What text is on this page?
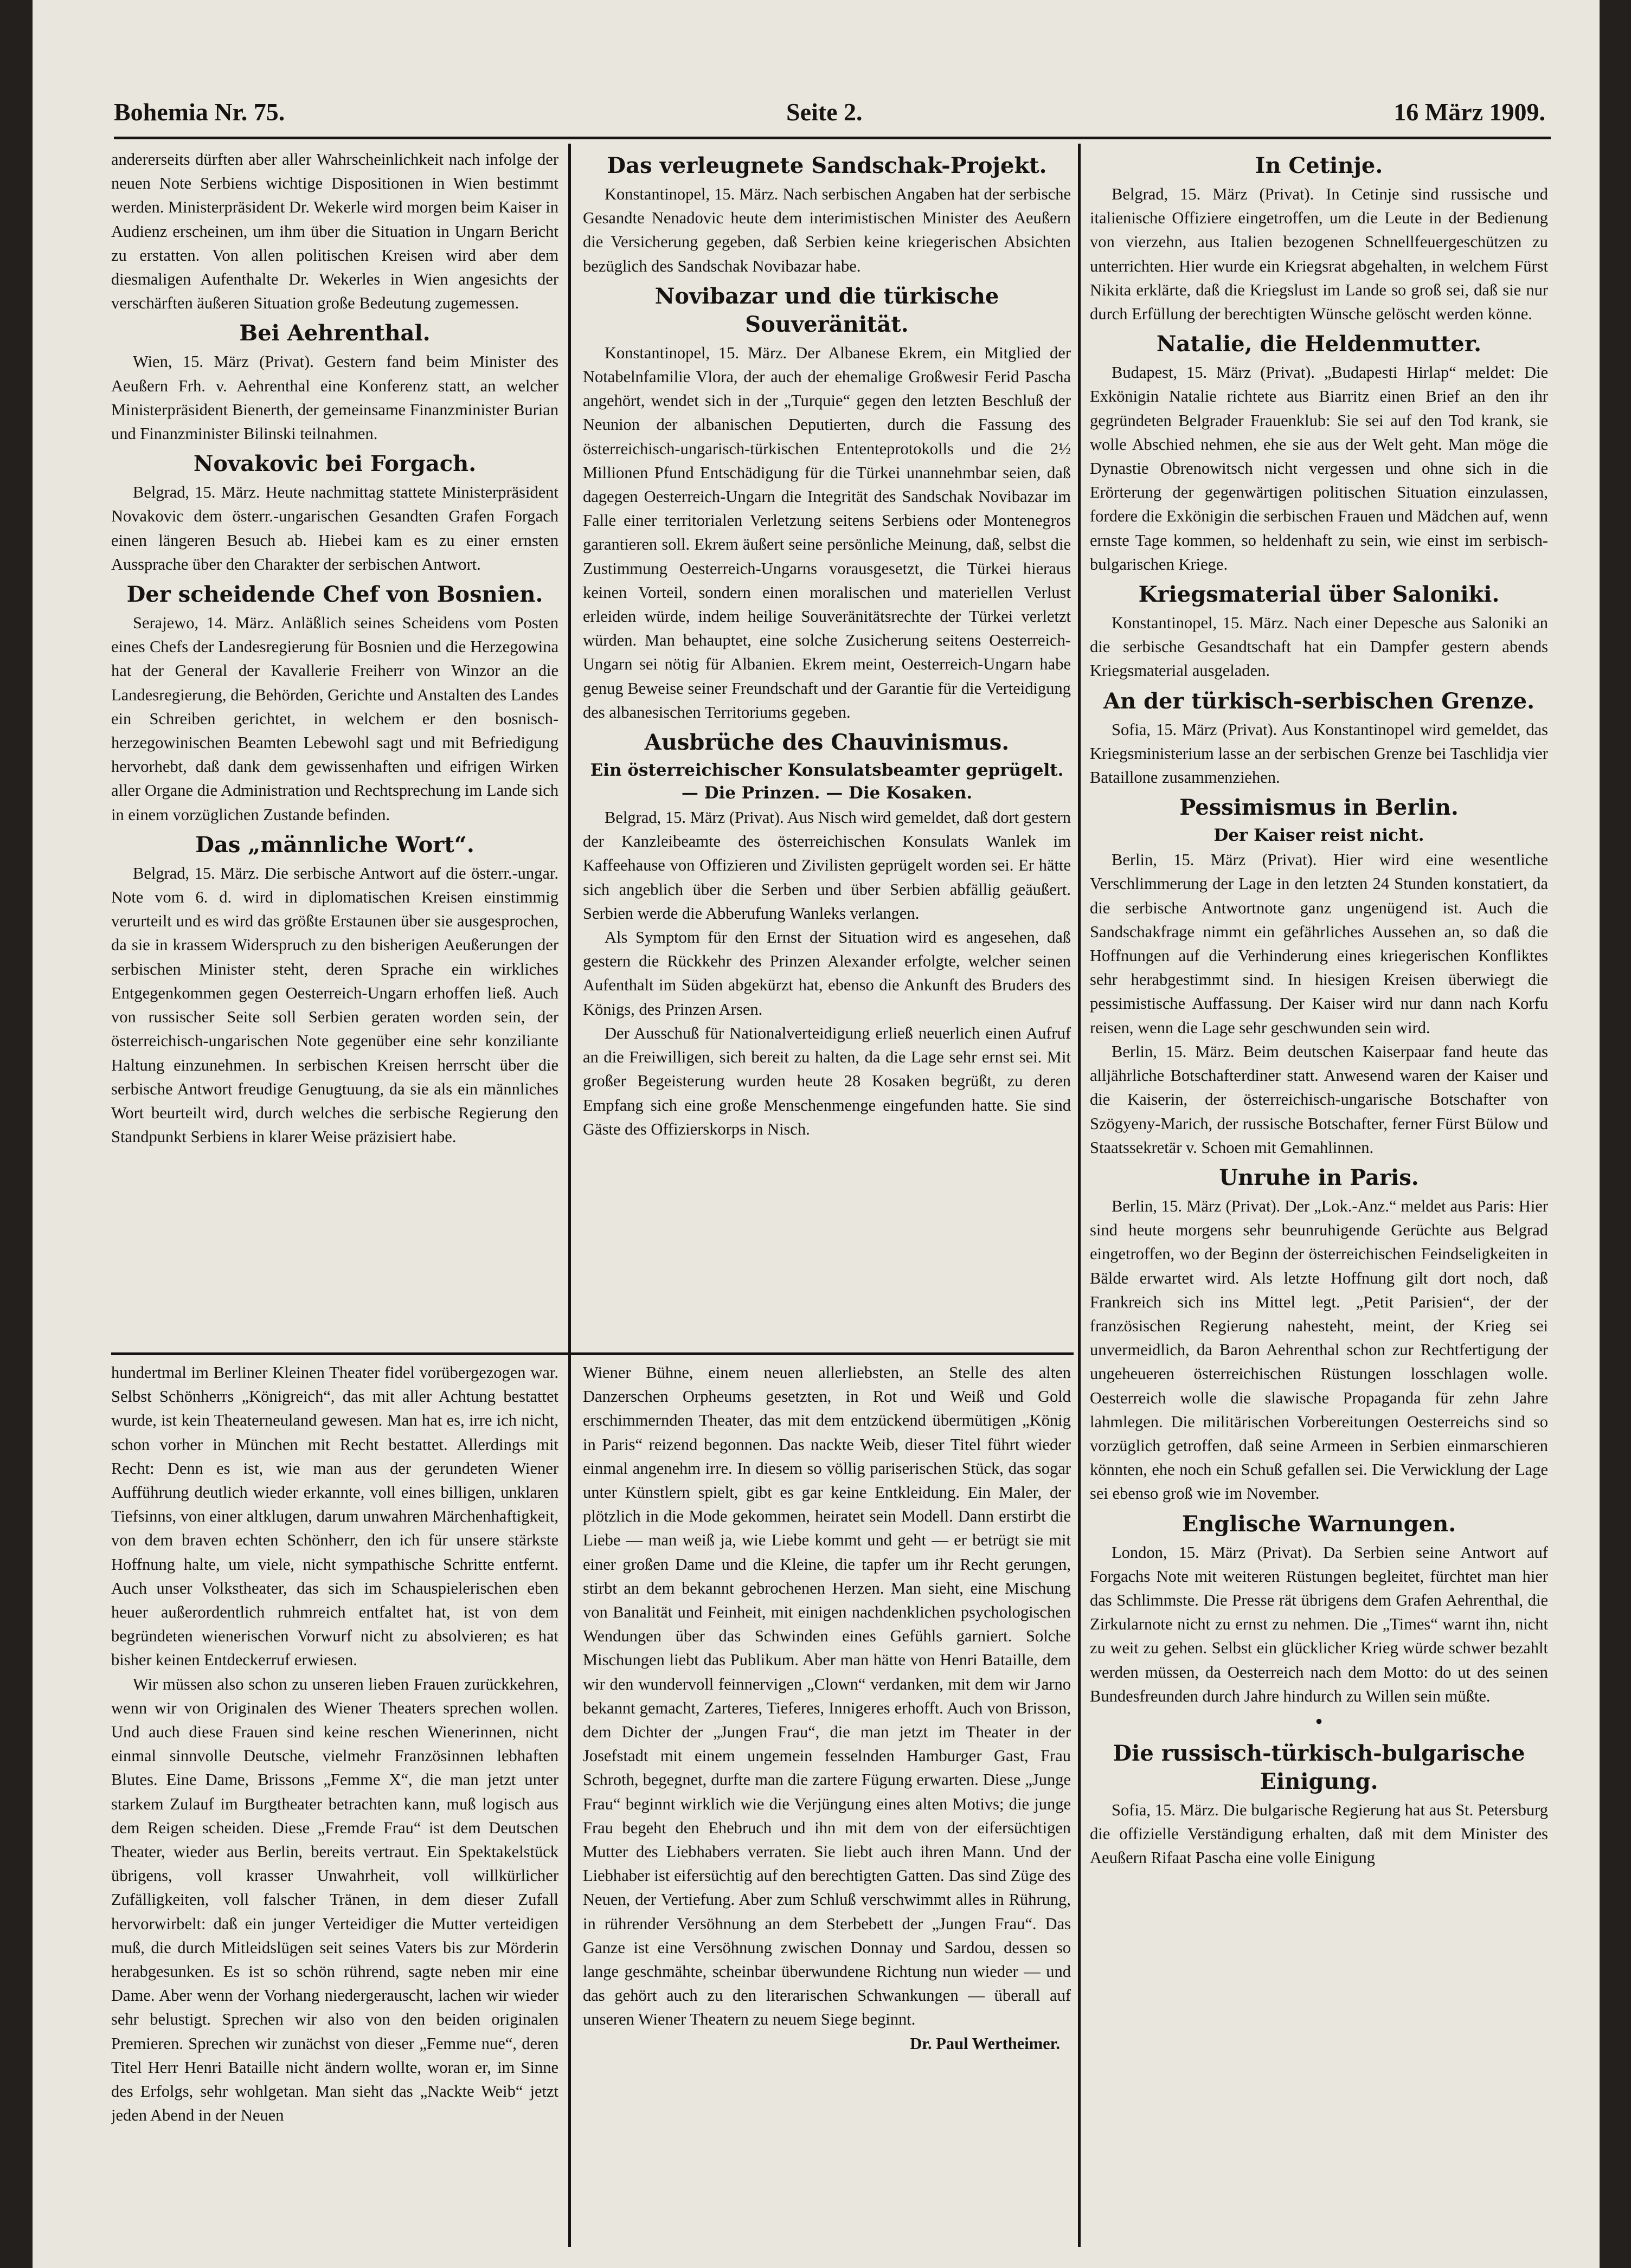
Bohemia Nr. 75.	Seite 2.	16 März 1909.

andererseits dürften aber aller Wahrscheinlichkeit nach infolge der neuen Note Serbiens wichtige Dispositionen in Wien bestimmt werden. Ministerpräsident Dr. Wekerle wird morgen beim Kaiser in Audienz erscheinen, um ihm über die Situation in Ungarn Bericht zu erstatten. Von allen politischen Kreisen wird aber dem diesmaligen Aufenthalte Dr. Wekerles in Wien angesichts der verschärften äußeren Situation große Bedeutung zugemessen.

Bei Aehrenthal.

Wien, 15. März (Privat). Gestern fand beim Minister des Aeußern Frh. v. Aehrenthal eine Konferenz statt, an welcher Ministerpräsident Bienerth, der gemeinsame Finanzminister Burian und Finanzminister Bilinski teilnahmen.

Novakovic bei Forgach.

Belgrad, 15. März. Heute nachmittag stattete Ministerpräsident Novakovic dem österr.-ungarischen Gesandten Grafen Forgach einen längeren Besuch ab. Hiebei kam es zu einer ernsten Aussprache über den Charakter der serbischen Antwort.

Der scheidende Chef von Bosnien.

Serajewo, 14. März. Anläßlich seines Scheidens vom Posten eines Chefs der Landesregierung für Bosnien und die Herzegowina hat der General der Kavallerie Freiherr von Winzor an die Landesregierung, die Behörden, Gerichte und Anstalten des Landes ein Schreiben gerichtet, in welchem er den bosnisch-herzegowinischen Beamten Lebewohl sagt und mit Befriedigung hervorhebt, daß dank dem gewissenhaften und eifrigen Wirken aller Organe die Administration und Rechtsprechung im Lande sich in einem vorzüglichen Zustande befinden.

Das „männliche Wort“.

Belgrad, 15. März. Die serbische Antwort auf die österr.-ungar. Note vom 6. d. wird in diplomatischen Kreisen einstimmig verurteilt und es wird das größte Erstaunen über sie ausgesprochen, da sie in krassem Widerspruch zu den bisherigen Aeußerungen der serbischen Minister steht, deren Sprache ein wirkliches Entgegenkommen gegen Oesterreich-Ungarn erhoffen ließ. Auch von russischer Seite soll Serbien geraten worden sein, der österreichisch-ungarischen Note gegenüber eine sehr konziliante Haltung einzunehmen. In serbischen Kreisen herrscht über die serbische Antwort freudige Genugtuung, da sie als ein männliches Wort beurteilt wird, durch welches die serbische Regierung den Standpunkt Serbiens in klarer Weise präzisiert habe.

Das verleugnete Sandschak-Projekt.

Konstantinopel, 15. März. Nach serbischen Angaben hat der serbische Gesandte Nenadovic heute dem interimistischen Minister des Aeußern die Versicherung gegeben, daß Serbien keine kriegerischen Absichten bezüglich des Sandschak Novibazar habe.

Novibazar und die türkische Souveränität.

Konstantinopel, 15. März. Der Albanese Ekrem, ein Mitglied der Notabelnfamilie Vlora, der auch der ehemalige Großwesir Ferid Pascha angehört, wendet sich in der „Turquie“ gegen den letzten Beschluß der Neunion der albanischen Deputierten, durch die Fassung des österreichisch-ungarisch-türkischen Ententeprotokolls und die 2½ Millionen Pfund Entschädigung für die Türkei unannehmbar seien, daß dagegen Oesterreich-Ungarn die Integrität des Sandschak Novibazar im Falle einer territorialen Verletzung seitens Serbiens oder Montenegros garantieren soll. Ekrem äußert seine persönliche Meinung, daß, selbst die Zustimmung Oesterreich-Ungarns vorausgesetzt, die Türkei hieraus keinen Vorteil, sondern einen moralischen und materiellen Verlust erleiden würde, indem heilige Souveränitätsrechte der Türkei verletzt würden. Man behauptet, eine solche Zusicherung seitens Oesterreich-Ungarn sei nötig für Albanien. Ekrem meint, Oesterreich-Ungarn habe genug Beweise seiner Freundschaft und der Garantie für die Verteidigung des albanesischen Territoriums gegeben.

Ausbrüche des Chauvinismus.
Ein österreichischer Konsulatsbeamter geprügelt. — Die Prinzen. — Die Kosaken.

Belgrad, 15. März (Privat). Aus Nisch wird gemeldet, daß dort gestern der Kanzleibeamte des österreichischen Konsulats Wanlek im Kaffeehause von Offizieren und Zivilisten geprügelt worden sei. Er hätte sich angeblich über die Serben und über Serbien abfällig geäußert. Serbien werde die Abberufung Wanleks verlangen.

Als Symptom für den Ernst der Situation wird es angesehen, daß gestern die Rückkehr des Prinzen Alexander erfolgte, welcher seinen Aufenthalt im Süden abgekürzt hat, ebenso die Ankunft des Bruders des Königs, des Prinzen Arsen.

Der Ausschuß für Nationalverteidigung erließ neuerlich einen Aufruf an die Freiwilligen, sich bereit zu halten, da die Lage sehr ernst sei. Mit großer Begeisterung wurden heute 28 Kosaken begrüßt, zu deren Empfang sich eine große Menschenmenge eingefunden hatte. Sie sind Gäste des Offizierskorps in Nisch.

In Cetinje.

Belgrad, 15. März (Privat). In Cetinje sind russische und italienische Offiziere eingetroffen, um die Leute in der Bedienung von vierzehn, aus Italien bezogenen Schnellfeuergeschützen zu unterrichten. Hier wurde ein Kriegsrat abgehalten, in welchem Fürst Nikita erklärte, daß die Kriegslust im Lande so groß sei, daß sie nur durch Erfüllung der berechtigten Wünsche gelöscht werden könne.

Natalie, die Heldenmutter.

Budapest, 15. März (Privat). „Budapesti Hirlap“ meldet: Die Exkönigin Natalie richtete aus Biarritz einen Brief an den ihr gegründeten Belgrader Frauenklub: Sie sei auf den Tod krank, sie wolle Abschied nehmen, ehe sie aus der Welt geht. Man möge die Dynastie Obrenowitsch nicht vergessen und ohne sich in die Erörterung der gegenwärtigen politischen Situation einzulassen, fordere die Exkönigin die serbischen Frauen und Mädchen auf, wenn ernste Tage kommen, so heldenhaft zu sein, wie einst im serbisch-bulgarischen Kriege.

Kriegsmaterial über Saloniki.

Konstantinopel, 15. März. Nach einer Depesche aus Saloniki an die serbische Gesandtschaft hat ein Dampfer gestern abends Kriegsmaterial ausgeladen.

An der türkisch-serbischen Grenze.

Sofia, 15. März (Privat). Aus Konstantinopel wird gemeldet, das Kriegsministerium lasse an der serbischen Grenze bei Taschlidja vier Bataillone zusammenziehen.

Pessimismus in Berlin.
Der Kaiser reist nicht.

Berlin, 15. März (Privat). Hier wird eine wesentliche Verschlimmerung der Lage in den letzten 24 Stunden konstatiert, da die serbische Antwortnote ganz ungenügend ist. Auch die Sandschakfrage nimmt ein gefährliches Aussehen an, so daß die Hoffnungen auf die Verhinderung eines kriegerischen Konfliktes sehr herabgestimmt sind. In hiesigen Kreisen überwiegt die pessimistische Auffassung. Der Kaiser wird nur dann nach Korfu reisen, wenn die Lage sehr geschwunden sein wird.

Berlin, 15. März. Beim deutschen Kaiserpaar fand heute das alljährliche Botschafterdiner statt. Anwesend waren der Kaiser und die Kaiserin, der österreichisch-ungarische Botschafter von Szögyeny-Marich, der russische Botschafter, ferner Fürst Bülow und Staatssekretär v. Schoen mit Gemahlinnen.

Unruhe in Paris.

Berlin, 15. März (Privat). Der „Lok.-Anz.“ meldet aus Paris: Hier sind heute morgens sehr beunruhigende Gerüchte aus Belgrad eingetroffen, wo der Beginn der österreichischen Feindseligkeiten in Bälde erwartet wird. Als letzte Hoffnung gilt dort noch, daß Frankreich sich ins Mittel legt. „Petit Parisien“, der der französischen Regierung nahesteht, meint, der Krieg sei unvermeidlich, da Baron Aehrenthal schon zur Rechtfertigung der ungeheueren österreichischen Rüstungen losschlagen wolle. Oesterreich wolle die slawische Propaganda für zehn Jahre lahmlegen. Die militärischen Vorbereitungen Oesterreichs sind so vorzüglich getroffen, daß seine Armeen in Serbien einmarschieren könnten, ehe noch ein Schuß gefallen sei. Die Verwicklung der Lage sei ebenso groß wie im November.

Englische Warnungen.

London, 15. März (Privat). Da Serbien seine Antwort auf Forgachs Note mit weiteren Rüstungen begleitet, fürchtet man hier das Schlimmste. Die Presse rät übrigens dem Grafen Aehrenthal, die Zirkularnote nicht zu ernst zu nehmen. Die „Times“ warnt ihn, nicht zu weit zu gehen. Selbst ein glücklicher Krieg würde schwer bezahlt werden müssen, da Oesterreich nach dem Motto: do ut des seinen Bundesfreunden durch Jahre hindurch zu Willen sein müßte.

•
Die russisch-türkisch-bulgarische Einigung.

Sofia, 15. März. Die bulgarische Regierung hat aus St. Petersburg die offizielle Verständigung erhalten, daß mit dem Minister des Aeußern Rifaat Pascha eine volle Einigung

hundertmal im Berliner Kleinen Theater fidel vorübergezogen war. Selbst Schönherrs „Königreich“, das mit aller Achtung bestattet wurde, ist kein Theaterneuland gewesen. Man hat es, irre ich nicht, schon vorher in München mit Recht bestattet. Allerdings mit Recht: Denn es ist, wie man aus der gerundeten Wiener Aufführung deutlich wieder erkannte, voll eines billigen, unklaren Tiefsinns, von einer altklugen, darum unwahren Märchenhaftigkeit, von dem braven echten Schönherr, den ich für unsere stärkste Hoffnung halte, um viele, nicht sympathische Schritte entfernt. Auch unser Volkstheater, das sich im Schauspielerischen eben heuer außerordentlich ruhmreich entfaltet hat, ist von dem begründeten wienerischen Vorwurf nicht zu absolvieren; es hat bisher keinen Entdeckerruf erwiesen.

Wir müssen also schon zu unseren lieben Frauen zurückkehren, wenn wir von Originalen des Wiener Theaters sprechen wollen. Und auch diese Frauen sind keine reschen Wienerinnen, nicht einmal sinnvolle Deutsche, vielmehr Französinnen lebhaften Blutes. Eine Dame, Brissons „Femme X“, die man jetzt unter starkem Zulauf im Burgtheater betrachten kann, muß logisch aus dem Reigen scheiden. Diese „Fremde Frau“ ist dem Deutschen Theater, wieder aus Berlin, bereits vertraut. Ein Spektakelstück übrigens, voll krasser Unwahrheit, voll willkürlicher Zufälligkeiten, voll falscher Tränen, in dem dieser Zufall hervorwirbelt: daß ein junger Verteidiger die Mutter verteidigen muß, die durch Mitleidslügen seit seines Vaters bis zur Mörderin herabgesunken. Es ist so schön rührend, sagte neben mir eine Dame. Aber wenn der Vorhang niedergerauscht, lachen wir wieder sehr belustigt. Sprechen wir also von den beiden originalen Premieren. Sprechen wir zunächst von dieser „Femme nue“, deren Titel Herr Henri Bataille nicht ändern wollte, woran er, im Sinne des Erfolgs, sehr wohlgetan. Man sieht das „Nackte Weib“ jetzt jeden Abend in der Neuen

Wiener Bühne, einem neuen allerliebsten, an Stelle des alten Danzerschen Orpheums gesetzten, in Rot und Weiß und Gold erschimmernden Theater, das mit dem entzückend übermütigen „König in Paris“ reizend begonnen. Das nackte Weib, dieser Titel führt wieder einmal angenehm irre. In diesem so völlig pariserischen Stück, das sogar unter Künstlern spielt, gibt es gar keine Entkleidung. Ein Maler, der plötzlich in die Mode gekommen, heiratet sein Modell. Dann erstirbt die Liebe — man weiß ja, wie Liebe kommt und geht — er betrügt sie mit einer großen Dame und die Kleine, die tapfer um ihr Recht gerungen, stirbt an dem bekannt gebrochenen Herzen. Man sieht, eine Mischung von Banalität und Feinheit, mit einigen nachdenklichen psychologischen Wendungen über das Schwinden eines Gefühls garniert. Solche Mischungen liebt das Publikum. Aber man hätte von Henri Bataille, dem wir den wundervoll feinnervigen „Clown“ verdanken, mit dem wir Jarno bekannt gemacht, Zarteres, Tieferes, Innigeres erhofft. Auch von Brisson, dem Dichter der „Jungen Frau“, die man jetzt im Theater in der Josefstadt mit einem ungemein fesselnden Hamburger Gast, Frau Schroth, begegnet, durfte man die zartere Fügung erwarten. Diese „Junge Frau“ beginnt wirklich wie die Verjüngung eines alten Motivs; die junge Frau begeht den Ehebruch und ihn mit dem von der eifersüchtigen Mutter des Liebhabers verraten. Sie liebt auch ihren Mann. Und der Liebhaber ist eifersüchtig auf den berechtigten Gatten. Das sind Züge des Neuen, der Vertiefung. Aber zum Schluß verschwimmt alles in Rührung, in rührender Versöhnung an dem Sterbebett der „Jungen Frau“. Das Ganze ist eine Versöhnung zwischen Donnay und Sardou, dessen so lange geschmähte, scheinbar überwundene Richtung nun wieder — und das gehört auch zu den literarischen Schwankungen — überall auf unseren Wiener Theatern zu neuem Siege beginnt.

Dr. Paul Wertheimer.
